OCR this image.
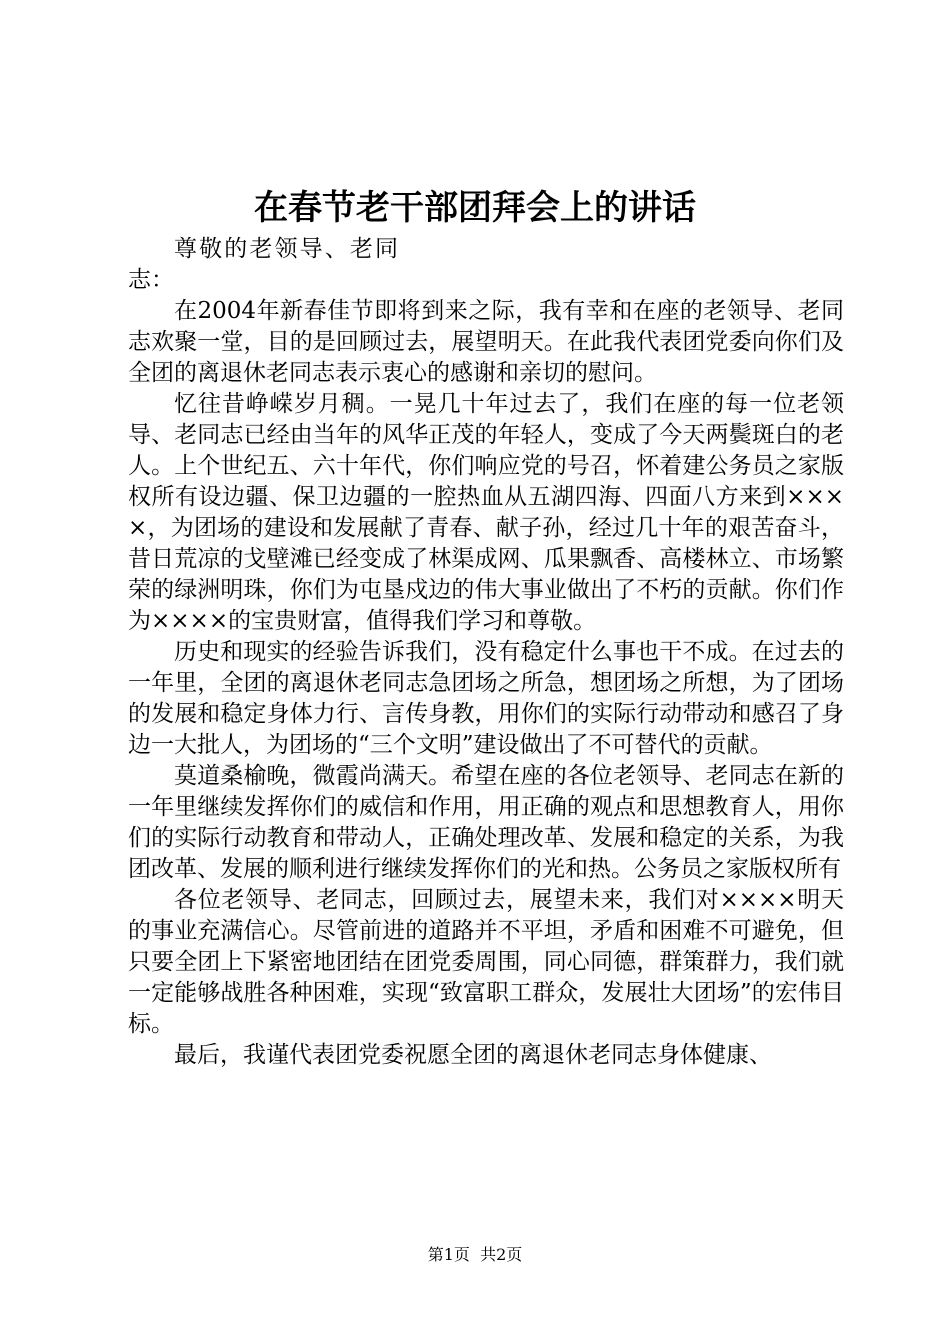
在春节老干部团拜会上的讲话

尊敬的老领导、老同志：

在2004年新春佳节即将到来之际，我有幸和在座的老领导、老同志欢聚一堂，目的是回顾过去，展望明天。在此我代表团党委向你们及全团的离退休老同志表示衷心的感谢和亲切的慰问。

忆往昔峥嵘岁月稠。一晃几十年过去了，我们在座的每一位老领导、老同志已经由当年的风华正茂的年轻人，变成了今天两鬓斑白的老人。上个世纪五、六十年代，你们响应党的号召，怀着建公务员之家版权所有设边疆、保卫边疆的一腔热血从五湖四海、四面八方来到××××，为团场的建设和发展献了青春、献子孙，经过几十年的艰苦奋斗，昔日荒凉的戈壁滩已经变成了林渠成网、瓜果飘香、高楼林立、市场繁荣的绿洲明珠，你们为屯垦戍边的伟大事业做出了不朽的贡献。你们作为××××的宝贵财富，值得我们学习和尊敬。

历史和现实的经验告诉我们，没有稳定什么事也干不成。在过去的一年里，全团的离退休老同志急团场之所急，想团场之所想，为了团场的发展和稳定身体力行、言传身教，用你们的实际行动带动和感召了身边一大批人，为团场的“三个文明”建设做出了不可替代的贡献。

莫道桑榆晚，微霞尚满天。希望在座的各位老领导、老同志在新的一年里继续发挥你们的威信和作用，用正确的观点和思想教育人，用你们的实际行动教育和带动人，正确处理改革、发展和稳定的关系，为我团改革、发展的顺利进行继续发挥你们的光和热。公务员之家版权所有

各位老领导、老同志，回顾过去，展望未来，我们对××××明天的事业充满信心。尽管前进的道路并不平坦，矛盾和困难不可避免，但只要全团上下紧密地团结在团党委周围，同心同德，群策群力，我们就一定能够战胜各种困难，实现“致富职工群众，发展壮大团场”的宏伟目标。

最后，我谨代表团党委祝愿全团的离退休老同志身体健康、

第1页 共2页
